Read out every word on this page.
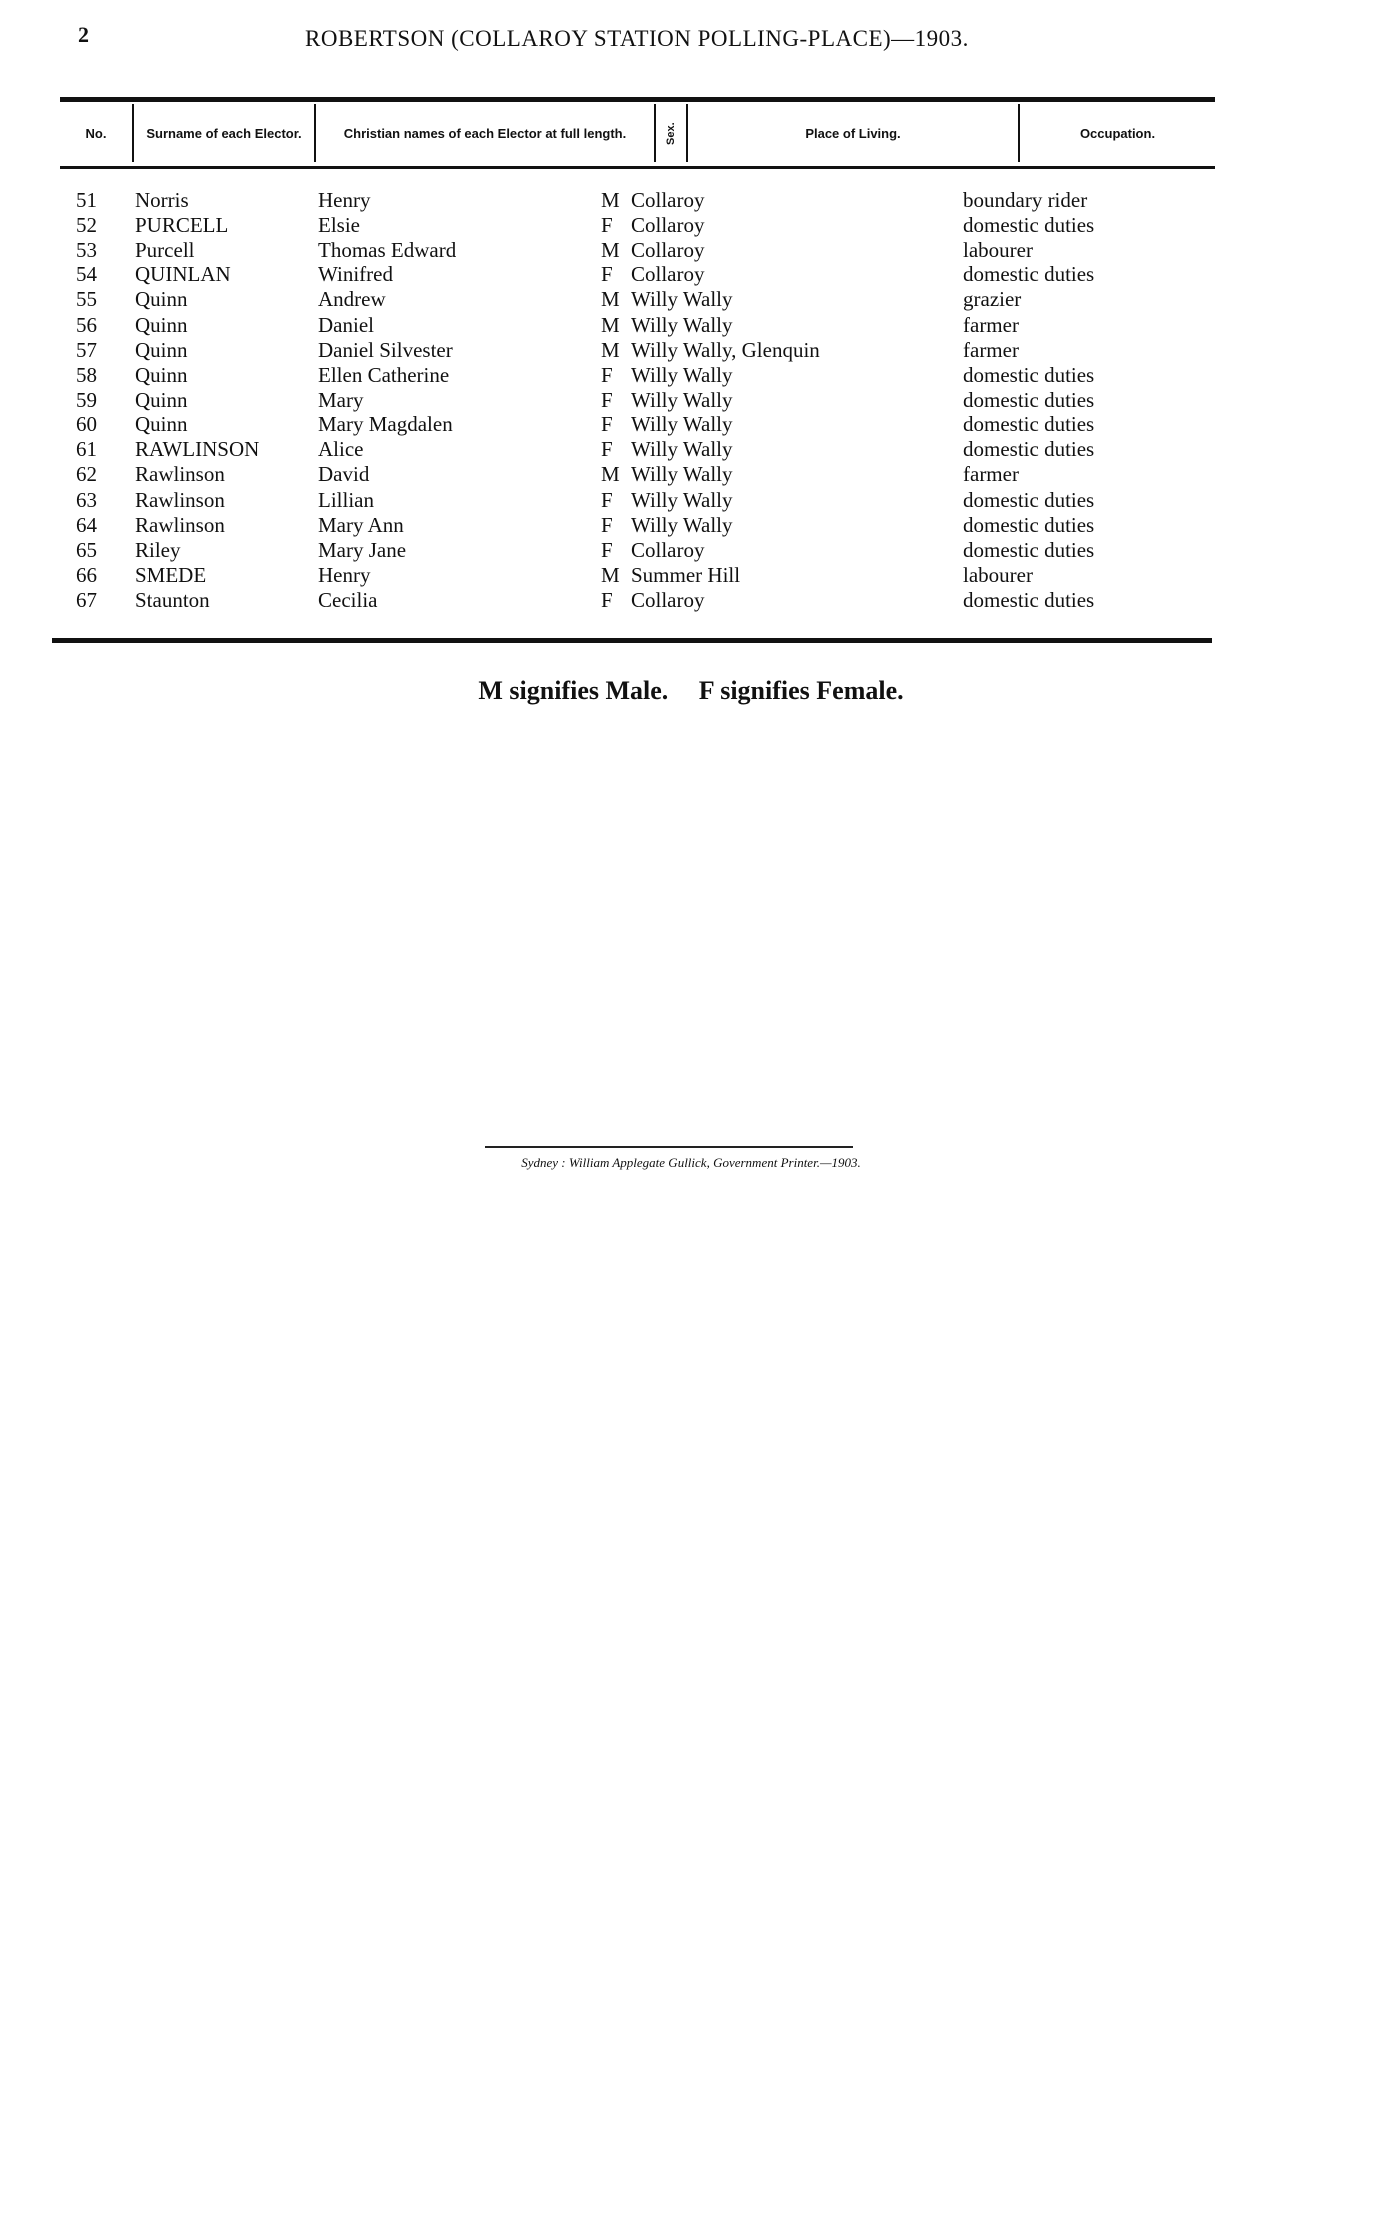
2	ROBERTSON (COLLAROY STATION POLLING-PLACE)—1903.
No.	Surname of each Elector.	Christian names of each Elector at full length.	Sex.	Place of Living.	Occupation.
51	Norris	Henry	M Collaroy	boundary rider
52	PURCELL	Elsie	F Collaroy	domestic duties
53	Purcell	Thomas Edward	M Collaroy	labourer
54	QUINLAN	Winifred	F Collaroy	domestic duties
55	Quinn	Andrew	M Willy Wally	grazier
56	Quinn	Daniel	M Willy Wally	farmer
57	Quinn	Daniel Silvester	M Willy Wally, Glenquin	farmer
58	Quinn	Ellen Catherine	F Willy Wally	domestic duties
59	Quinn	Mary	F Willy Wally	domestic duties
60	Quinn	Mary Magdalen	F Willy Wally	domestic duties
61	RAWLINSON	Alice	F Willy Wally	domestic duties
62	Rawlinson	David	M Willy Wally	farmer
63	Rawlinson	Lillian	F Willy Wally	domestic duties
64	Rawlinson	Mary Ann	F Willy Wally	domestic duties
65	Riley	Mary Jane	F Collaroy	domestic duties
66	SMEDE	Henry	M Summer Hill	labourer
67	Staunton	Cecilia	F Collaroy	domestic duties
M signifies Male. F signifies Female.
Sydney : William Applegate Gullick, Government Printer.—1903.
